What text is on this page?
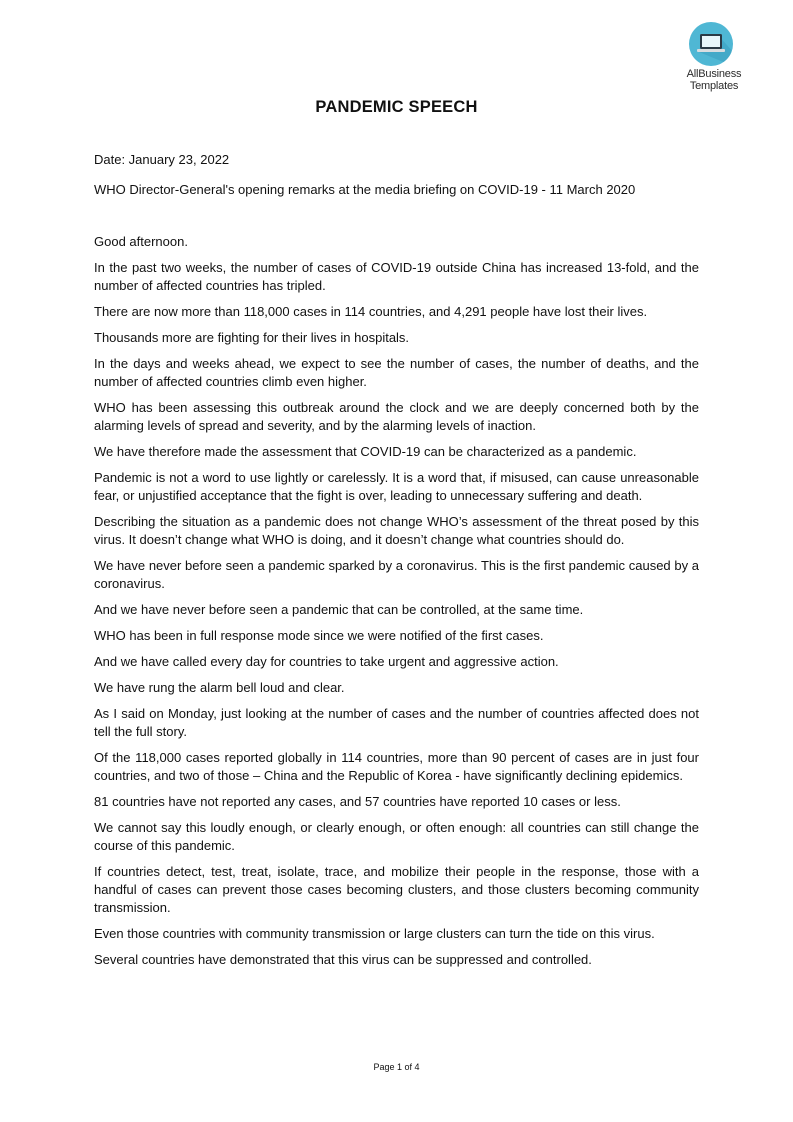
AllBusiness
Templates
PANDEMIC SPEECH
Date: January 23, 2022
WHO Director-General's opening remarks at the media briefing on COVID-19 - 11 March 2020

Good afternoon.

In the past two weeks, the number of cases of COVID-19 outside China has increased 13-fold, and the number of affected countries has tripled.

There are now more than 118,000 cases in 114 countries, and 4,291 people have lost their lives.

Thousands more are fighting for their lives in hospitals.

In the days and weeks ahead, we expect to see the number of cases, the number of deaths, and the number of affected countries climb even higher.

WHO has been assessing this outbreak around the clock and we are deeply concerned both by the alarming levels of spread and severity, and by the alarming levels of inaction.

We have therefore made the assessment that COVID-19 can be characterized as a pandemic.

Pandemic is not a word to use lightly or carelessly. It is a word that, if misused, can cause unreasonable fear, or unjustified acceptance that the fight is over, leading to unnecessary suffering and death.

Describing the situation as a pandemic does not change WHO’s assessment of the threat posed by this virus. It doesn’t change what WHO is doing, and it doesn’t change what countries should do.

We have never before seen a pandemic sparked by a coronavirus. This is the first pandemic caused by a coronavirus.

And we have never before seen a pandemic that can be controlled, at the same time.

WHO has been in full response mode since we were notified of the first cases.

And we have called every day for countries to take urgent and aggressive action.

We have rung the alarm bell loud and clear.

As I said on Monday, just looking at the number of cases and the number of countries affected does not tell the full story.

Of the 118,000 cases reported globally in 114 countries, more than 90 percent of cases are in just four countries, and two of those – China and the Republic of Korea - have significantly declining epidemics.

81 countries have not reported any cases, and 57 countries have reported 10 cases or less.

We cannot say this loudly enough, or clearly enough, or often enough: all countries can still change the course of this pandemic.

If countries detect, test, treat, isolate, trace, and mobilize their people in the response, those with a handful of cases can prevent those cases becoming clusters, and those clusters becoming community transmission.

Even those countries with community transmission or large clusters can turn the tide on this virus.

Several countries have demonstrated that this virus can be suppressed and controlled.

Page 1 of 4
